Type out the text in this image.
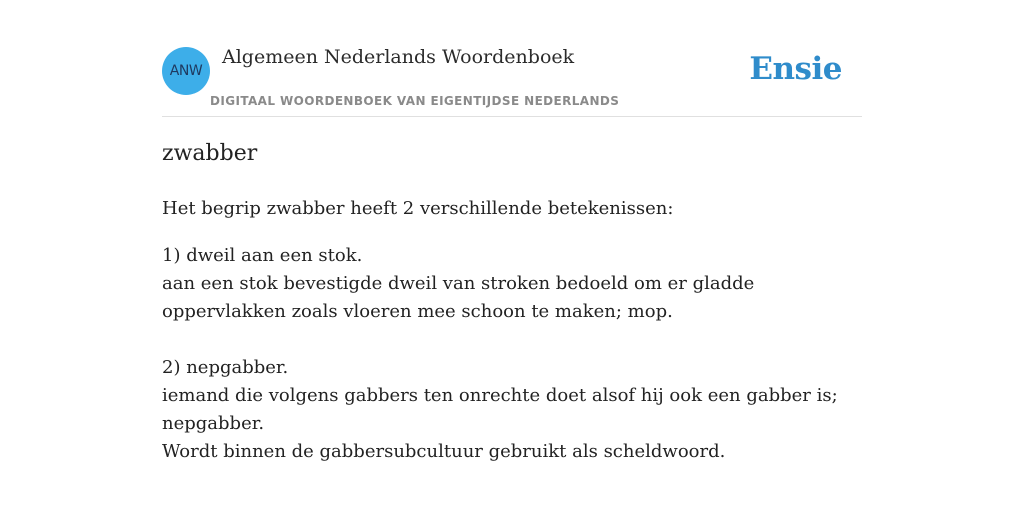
ANW
Algemeen Nederlands Woordenboek
DIGITAAL WOORDENBOEK VAN EIGENTIJDSE NEDERLANDS
Ensie
zwabber
Het begrip zwabber heeft 2 verschillende betekenissen:

1) dweil aan een stok.

aan een stok bevestigde dweil van stroken bedoeld om er gladde oppervlakken zoals vloeren mee schoon te maken; mop.

2) nepgabber.

iemand die volgens gabbers ten onrechte doet alsof hij ook een gabber is; nepgabber.

Wordt binnen de gabbersubcultuur gebruikt als scheldwoord.
